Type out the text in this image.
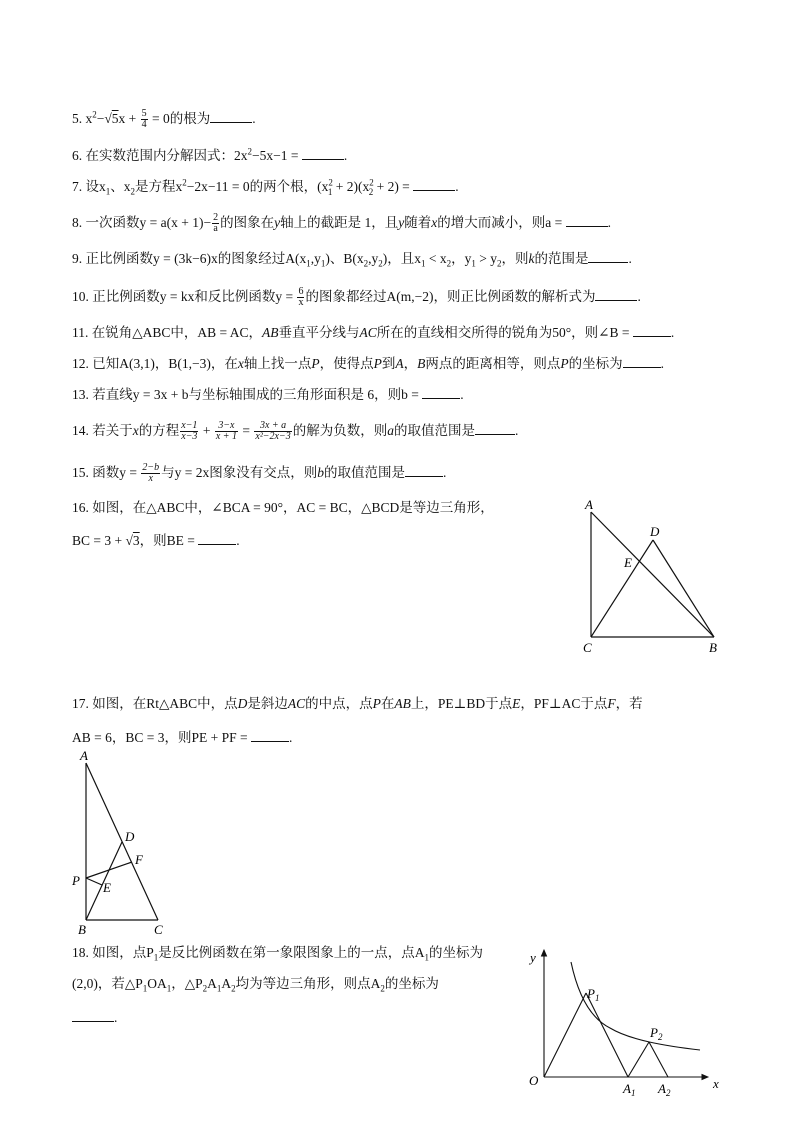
5. $x^2-√5x + \frac{5}{4} = 0$的根为	.
6. 在实数范围内分解因式：$2x^2-5x-1$ =	.
7. 设$x_1$、$x_2$是方程$x^2-2x-11 = 0$的两个根，$(x^2_1 + 2)(x^2_2 + 2)$ =	.
8. 一次函数$y = a(x + 1)- \frac{2}{a}$ 的图象在y轴上的截距是 1，且y随着x的增大而减小，则a =	.
9. 正比例函数y = (3k−6)x的图象经过$A(x_1,y_1)$、$B(x_2,y_2)$，且$x_1 < x_2$，$y_1 > y_2$，则k的范围是	.
10. 正比例函数y = kx和反比例函数$y = \frac{6}{x}$ 的图象都经过A(m,−2)，则正比例函数的解析式为	.
11. 在锐角△ABC中，AB = AC，AB垂直平分线与AC所在的直线相交所得的锐角为50°，则∠B =	.
12. 已知A(3,1)，B(1,−3)，在x轴上找一点P，使得点P到A，B两点的距离相等，则点P的坐标为	.
13. 若直线y = 3x + b与坐标轴围成的三角形面积是 6，则b =	.
14. 若关于x的方程 $\frac{x-1}{x-3} + \frac{3-x}{x + 1} = \frac{3x + a}{\text{x²−2x−3}}$ 的解为负数，则a的取值范围是	.
15. 函数$y = \frac{2-b}{x}$ 与y = 2x图象没有交点，则b的取值范围是	.
16. 如图，在△ABC中，∠BCA = 90°，AC = BC，△BCD是等边三角形，
BC = 3 + √3，则BE =	.
A
B
C
D
E
17. 如图，在Rt△ABC中，点D是斜边AC的中点，点P在AB上，PE⊥BD于点E，PF⊥AC于点F，若
AB = 6，BC = 3，则PE + PF =	.
A
B	C
D
E
F
P
18. 如图，点$P_1$是反比例函数在第一象限图象上的一点，点$A_1$的坐标为
(2,0)，若$\triangle P_1OA_1$，$\triangle P_2A_1A_2$均为等边三角形，则点$A_2$的坐标为
.
y
x
O
$P_1$
$P_2$
$A_1$ $A_2$
